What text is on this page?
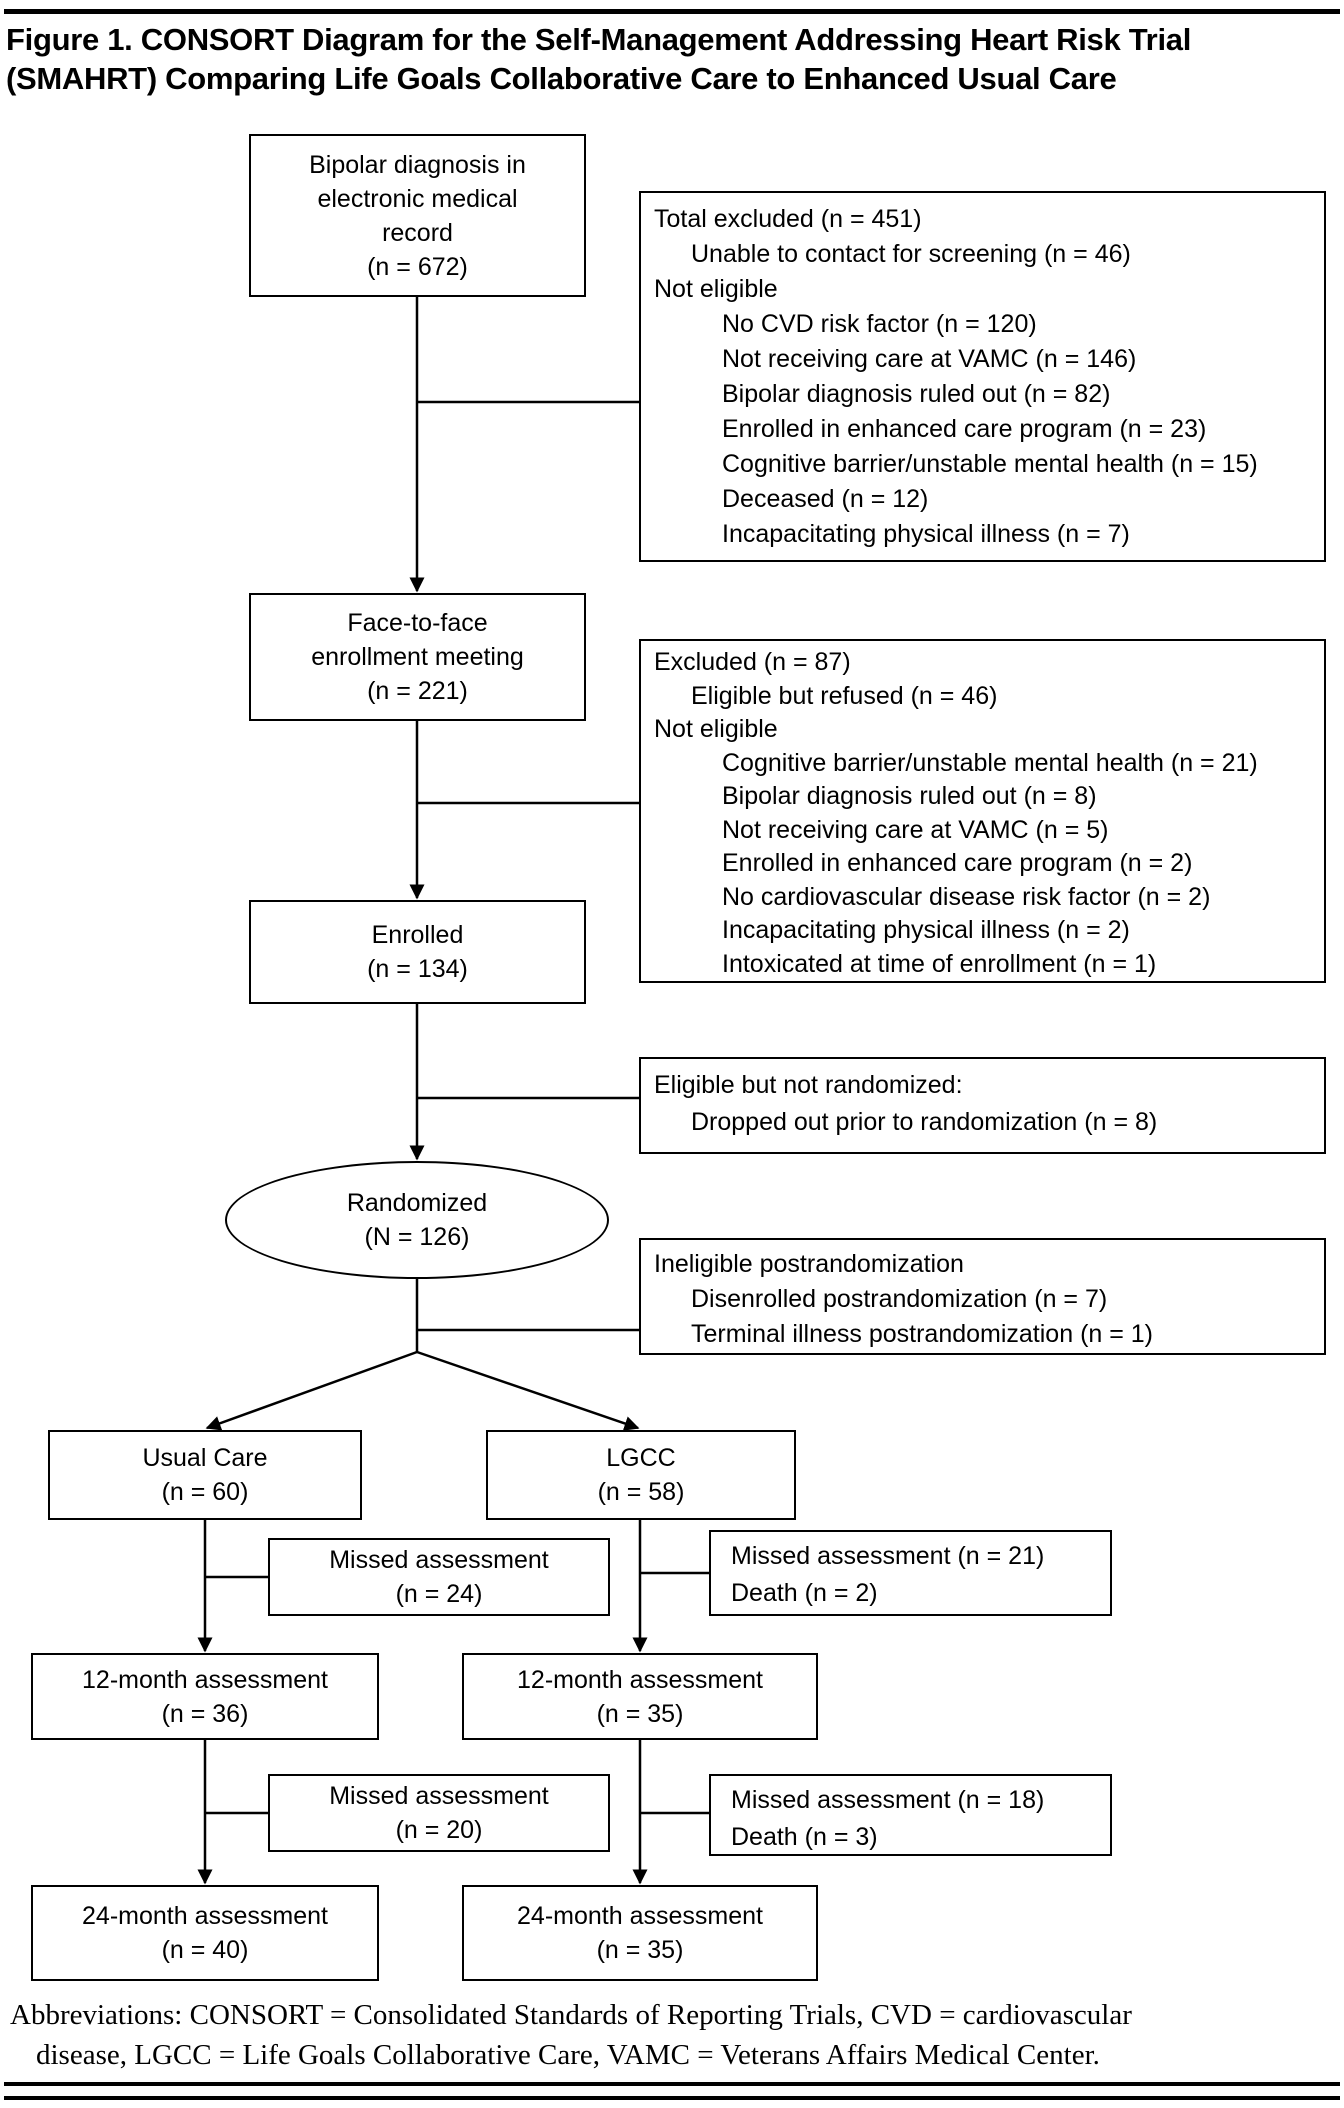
Figure 1. CONSORT Diagram for the Self-Management Addressing Heart Risk Trial
(SMAHRT) Comparing Life Goals Collaborative Care to Enhanced Usual Care
Bipolar diagnosis in
electronic medical
record
(n = 672)
Total excluded (n = 451)
Unable to contact for screening (n = 46)
Not eligible
No CVD risk factor (n = 120)
Not receiving care at VAMC (n = 146)
Bipolar diagnosis ruled out (n = 82)
Enrolled in enhanced care program (n = 23)
Cognitive barrier/unstable mental health (n = 15)
Deceased (n = 12)
Incapacitating physical illness (n = 7)
Face-to-face
enrollment meeting
(n = 221)
Excluded (n = 87)
Eligible but refused (n = 46)
Not eligible
Cognitive barrier/unstable mental health (n = 21)
Bipolar diagnosis ruled out (n = 8)
Not receiving care at VAMC (n = 5)
Enrolled in enhanced care program (n = 2)
No cardiovascular disease risk factor (n = 2)
Incapacitating physical illness (n = 2)
Intoxicated at time of enrollment (n = 1)
Enrolled
(n = 134)
Eligible but not randomized:
Dropped out prior to randomization (n = 8)
Randomized
(N = 126)
Ineligible postrandomization
Disenrolled postrandomization (n = 7)
Terminal illness postrandomization (n = 1)
Usual Care
(n = 60)
LGCC
(n = 58)
Missed assessment
(n = 24)
Missed assessment (n = 21)
Death (n = 2)
12-month assessment
(n = 36)
12-month assessment
(n = 35)
Missed assessment
(n = 20)
Missed assessment (n = 18)
Death (n = 3)
24-month assessment
(n = 40)
24-month assessment
(n = 35)
Abbreviations: CONSORT = Consolidated Standards of Reporting Trials, CVD = cardiovascular
disease, LGCC = Life Goals Collaborative Care, VAMC = Veterans Affairs Medical Center.
